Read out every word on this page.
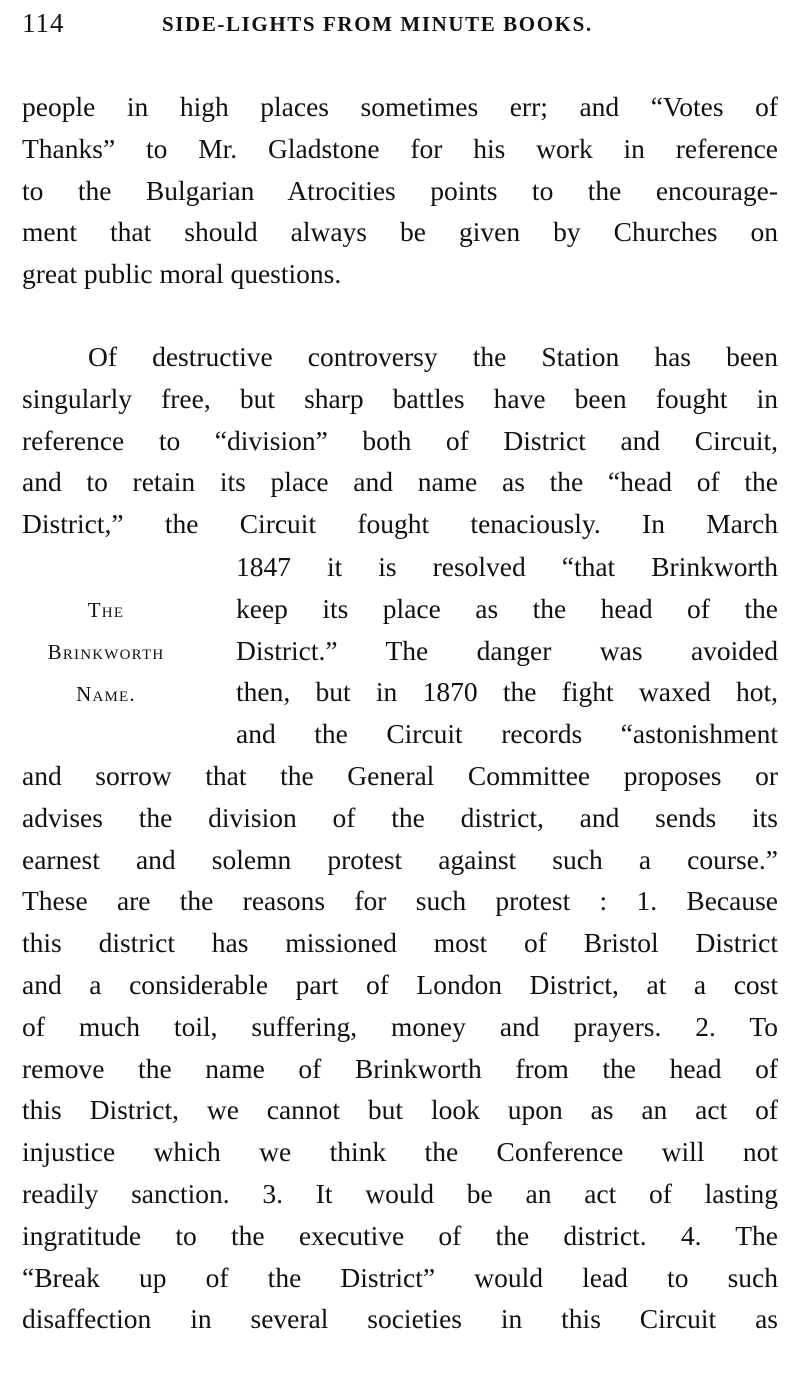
114	SIDE-LIGHTS FROM MINUTE BOOKS.
people in high places sometimes err; and “Votes of
Thanks” to Mr. Gladstone for his work in reference
to the Bulgarian Atrocities points to the encourage-
ment that should always be given by Churches on
great public moral questions.
Of destructive controversy the Station has been
singularly free, but sharp battles have been fought in
reference to “division” both of District and Circuit,
and to retain its place and name as the “head of the
District,” the Circuit fought tenaciously. In March
The
Brinkworth
Name.
1847 it is resolved “that Brinkworth
keep its place as the head of the
District.” The danger was avoided
then, but in 1870 the fight waxed hot,
and the Circuit records “astonishment
and sorrow that the General Committee proposes or
advises the division of the district, and sends its
earnest and solemn protest against such a course.”
These are the reasons for such protest : 1. Because
this district has missioned most of Bristol District
and a considerable part of London District, at a cost
of much toil, suffering, money and prayers. 2. To
remove the name of Brinkworth from the head of
this District, we cannot but look upon as an act of
injustice which we think the Conference will not
readily sanction. 3. It would be an act of lasting
ingratitude to the executive of the district. 4. The
“Break up of the District” would lead to such
disaffection in several societies in this Circuit as
